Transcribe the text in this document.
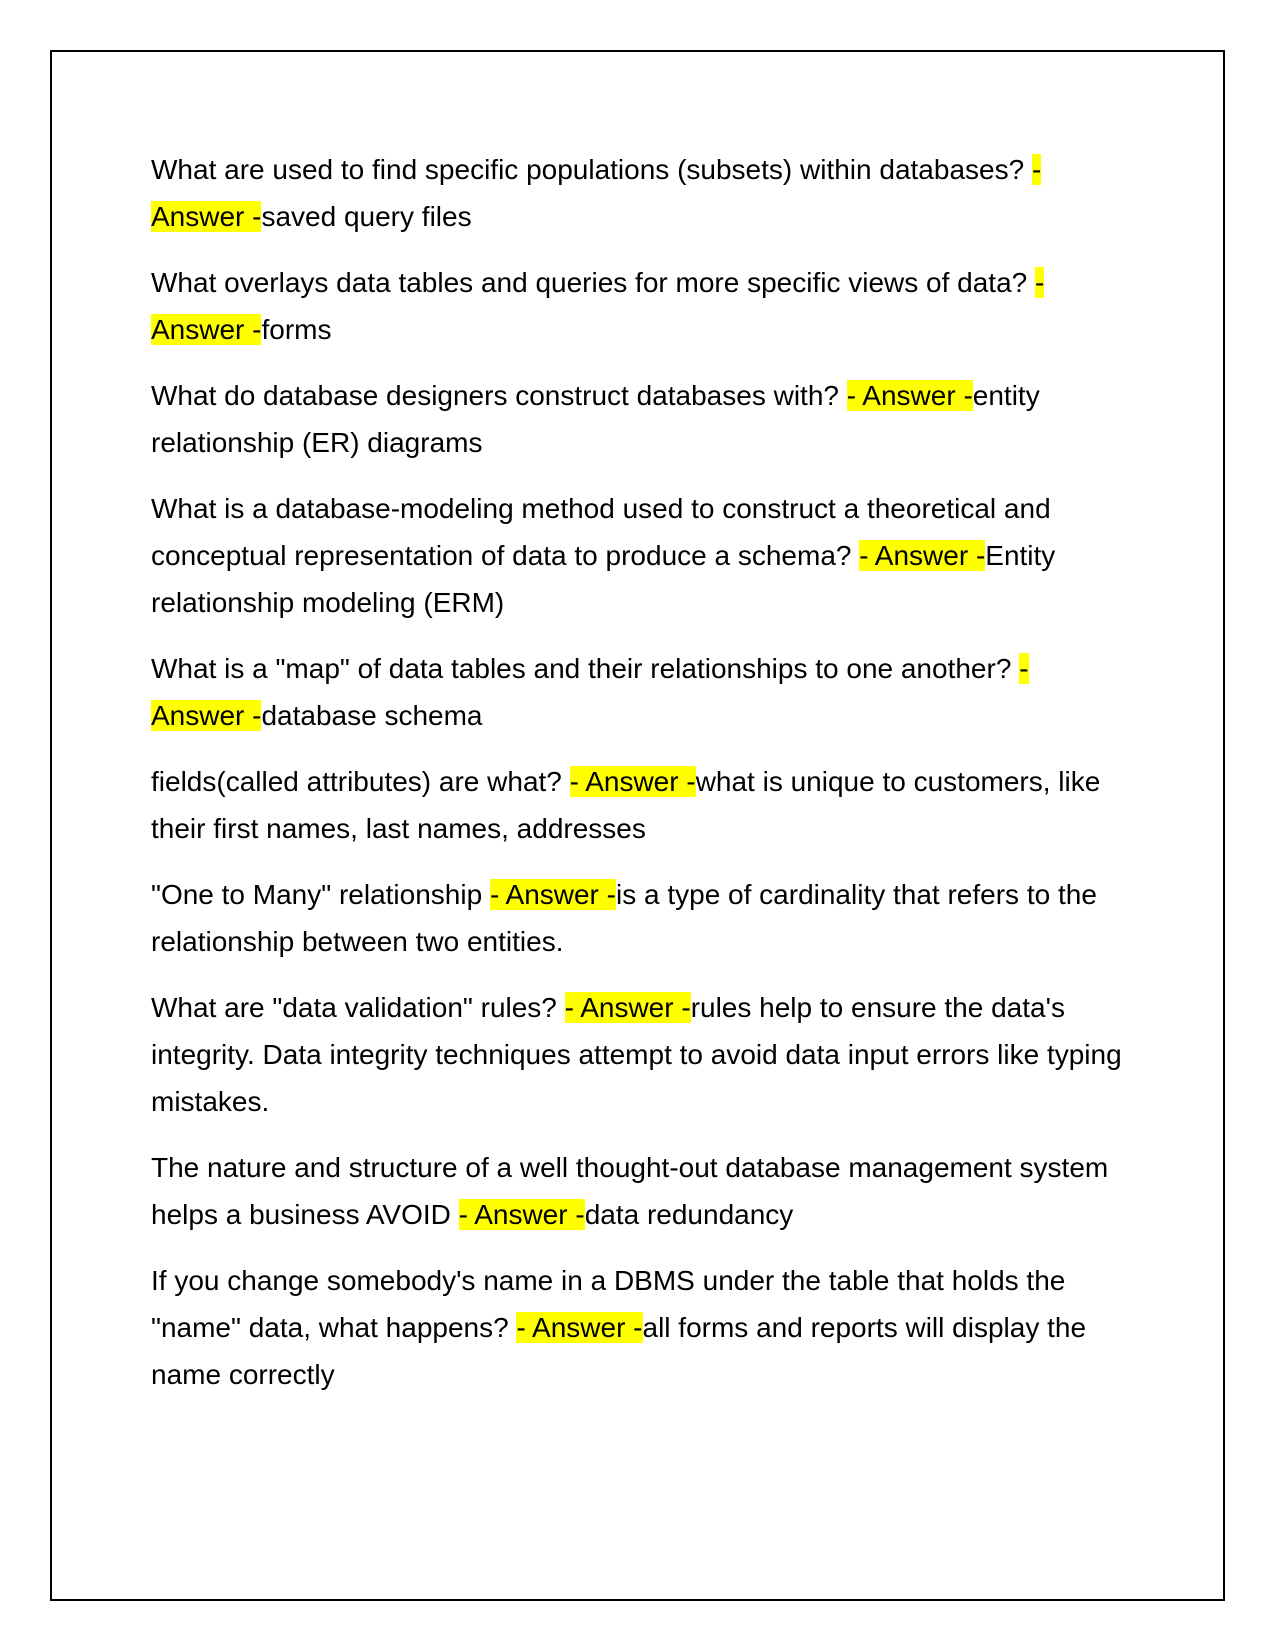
What are used to find specific populations (subsets) within databases? - Answer -saved query files

What overlays data tables and queries for more specific views of data? - Answer -forms

What do database designers construct databases with? - Answer -entity relationship (ER) diagrams

What is a database-modeling method used to construct a theoretical and conceptual representation of data to produce a schema? - Answer -Entity relationship modeling (ERM)

What is a "map" of data tables and their relationships to one another? - Answer -database schema

fields(called attributes) are what? - Answer -what is unique to customers, like their first names, last names, addresses

"One to Many" relationship - Answer -is a type of cardinality that refers to the relationship between two entities.

What are "data validation" rules? - Answer -rules help to ensure the data's integrity. Data integrity techniques attempt to avoid data input errors like typing mistakes.

The nature and structure of a well thought-out database management system helps a business AVOID - Answer -data redundancy

If you change somebody's name in a DBMS under the table that holds the "name" data, what happens? - Answer -all forms and reports will display the name correctly
